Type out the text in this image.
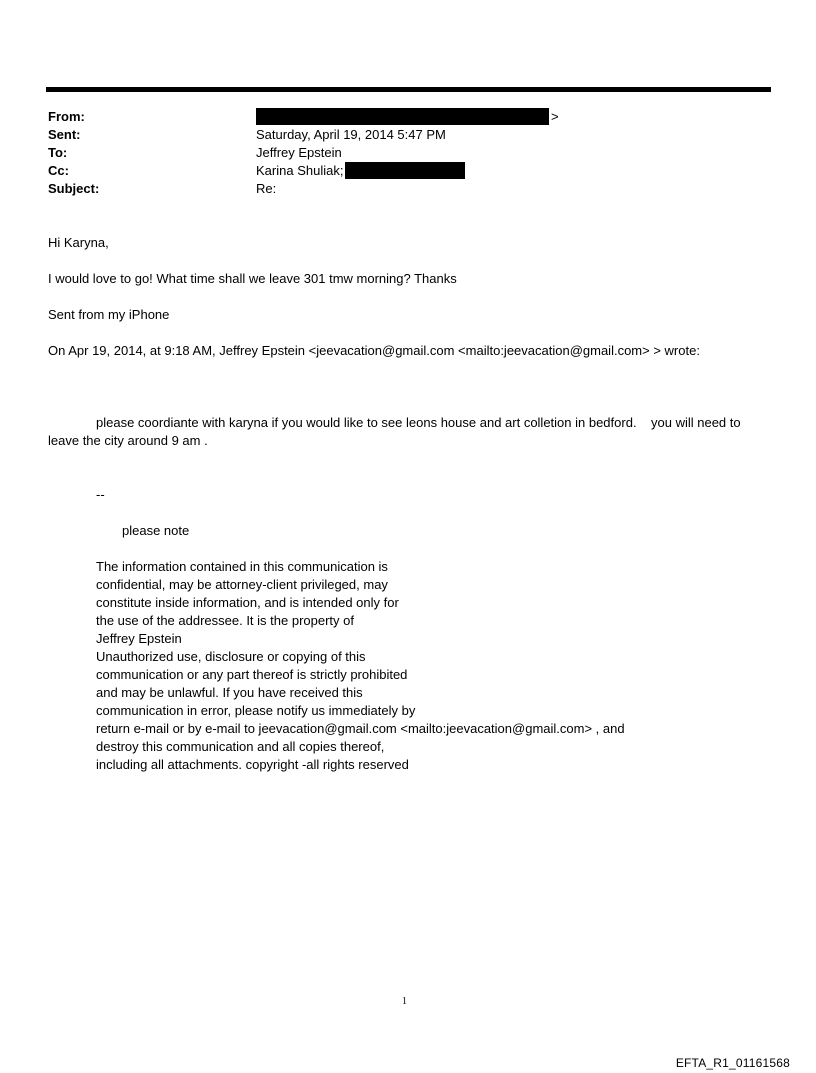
From:
Sent:
To:
Cc:
Subject:
>
Saturday, April 19, 2014 5:47 PM
Jeffrey Epstein
Karina Shuliak;
Re:
Hi Karyna,
I would love to go! What time shall we leave 301 tmw morning? Thanks
Sent from my iPhone
On Apr 19, 2014, at 9:18 AM, Jeffrey Epstein <jeevacation@gmail.com <mailto:jeevacation@gmail.com> > wrote:
please coordiante with karyna if you would like to see leons house and art colletion in bedford.    you will need to leave the city around 9 am .
--
please note
The information contained in this communication is
confidential, may be attorney-client privileged, may
constitute inside information, and is intended only for
the use of the addressee. It is the property of
Jeffrey Epstein
Unauthorized use, disclosure or copying of this
communication or any part thereof is strictly prohibited
and may be unlawful. If you have received this
communication in error, please notify us immediately by
return e-mail or by e-mail to jeevacation@gmail.com <mailto:jeevacation@gmail.com> , and
destroy this communication and all copies thereof,
including all attachments. copyright -all rights reserved
1
EFTA_R1_01161568
